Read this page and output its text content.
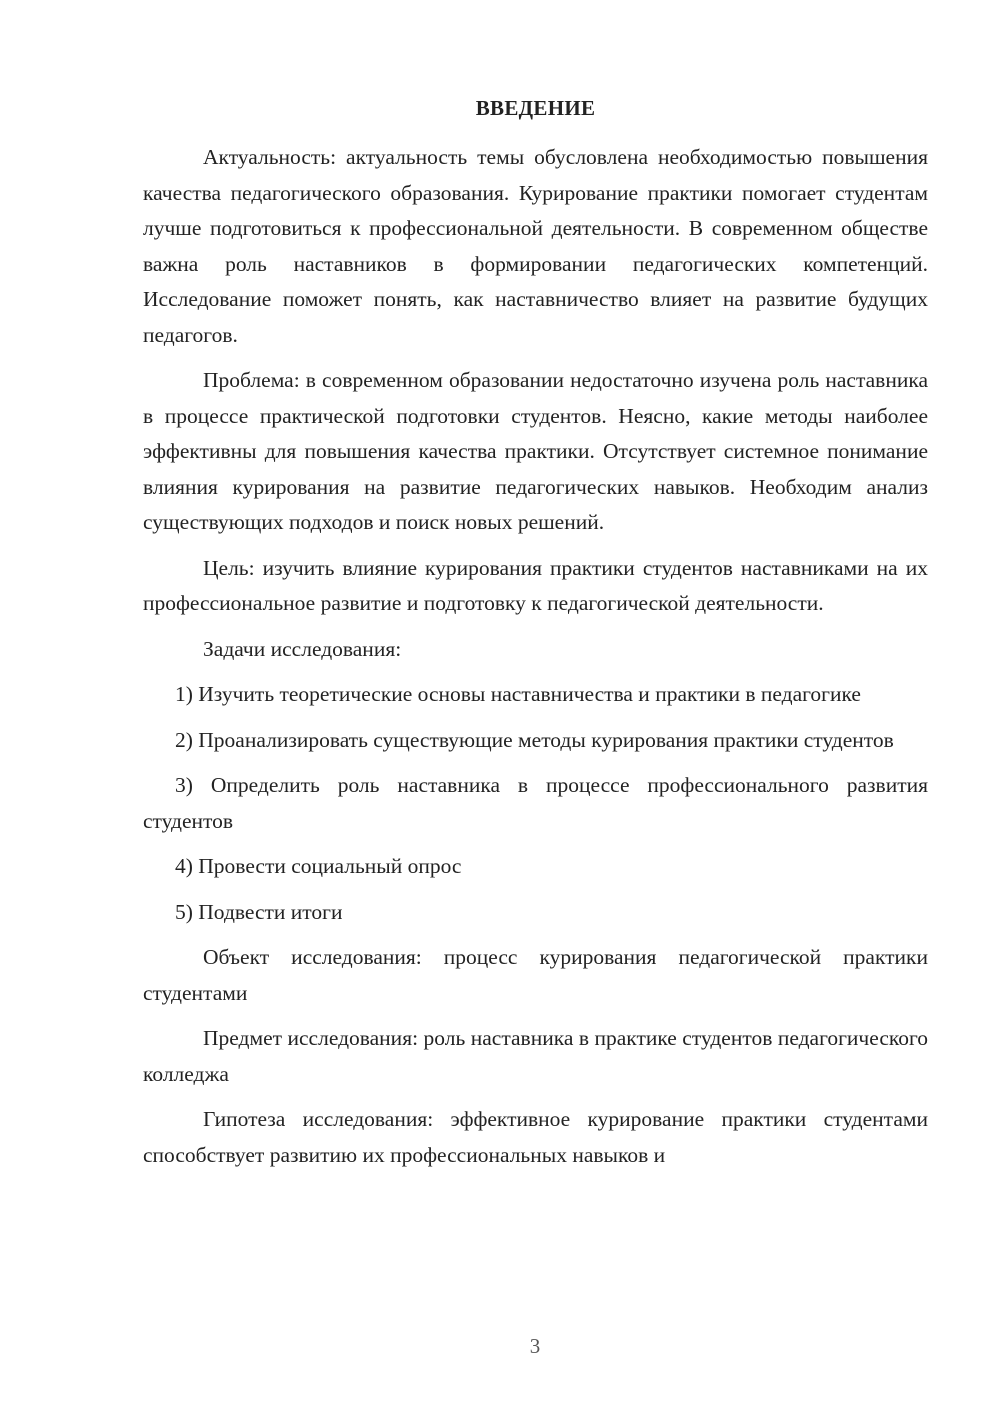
ВВЕДЕНИЕ

Актуальность: актуальность темы обусловлена необходимостью повышения качества педагогического образования. Курирование практики помогает студентам лучше подготовиться к профессиональной деятельности. В современном обществе важна роль наставников в формировании педагогических компетенций. Исследование поможет понять, как наставничество влияет на развитие будущих педагогов.

Проблема: в современном образовании недостаточно изучена роль наставника в процессе практической подготовки студентов. Неясно, какие методы наиболее эффективны для повышения качества практики. Отсутствует системное понимание влияния курирования на развитие педагогических навыков. Необходим анализ существующих подходов и поиск новых решений.

Цель: изучить влияние курирования практики студентов наставниками на их профессиональное развитие и подготовку к педагогической деятельности.

Задачи исследования:

1) Изучить теоретические основы наставничества и практики в педагогике

2) Проанализировать существующие методы курирования практики студентов

3) Определить роль наставника в процессе профессионального развития студентов

4) Провести социальный опрос

5) Подвести итоги

Объект исследования: процесс курирования педагогической практики студентами

Предмет исследования: роль наставника в практике студентов педагогического колледжа

Гипотеза исследования: эффективное курирование практики студентами способствует развитию их профессиональных навыков и

3
